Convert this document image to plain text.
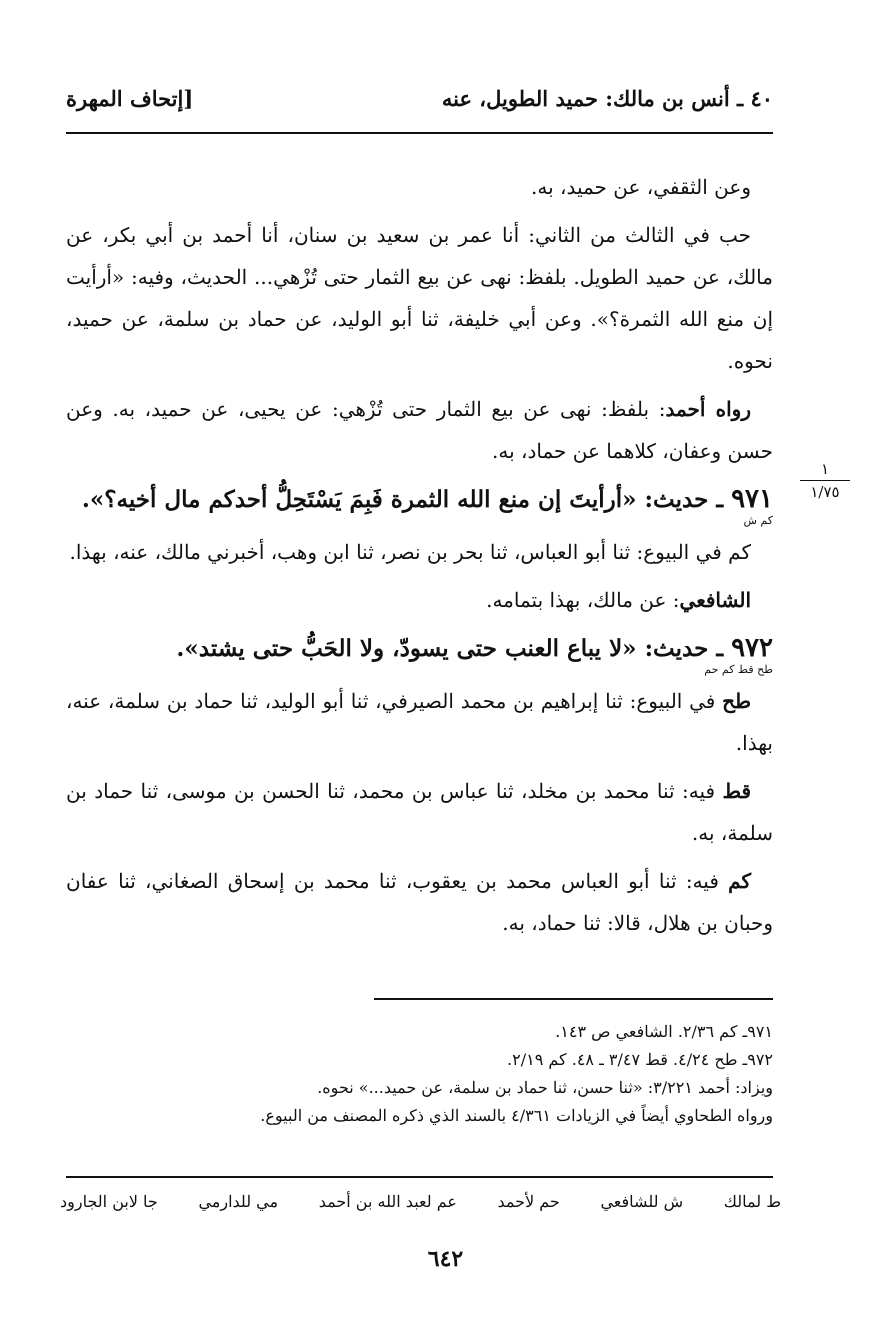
٤٠ ـ أنس بن مالك: حميد الطويل، عنه
[إتحاف المهرة

وعن الثقفي، عن حميد، به.

حب في الثالث من الثاني: أنا عمر بن سعيد بن سنان، أنا أحمد بن أبي بكر، عن مالك، عن حميد الطويل. بلفظ: نهى عن بيع الثمار حتى تُزْهي... الحديث، وفيه: «أرأيت إن منع الله الثمرة؟». وعن أبي خليفة، ثنا أبو الوليد، عن حماد بن سلمة، عن حميد، نحوه.

رواه أحمد: بلفظ: نهى عن بيع الثمار حتى تُزْهي: عن يحيى، عن حميد، به. وعن حسن وعفان، كلاهما عن حماد، به.

٩٧١ ـ حديث: «أرأيتَ إن منع الله الثمرة فَبِمَ يَسْتَحِلُّ أحدكم مال أخيه؟».
كم ش

كم في البيوع: ثنا أبو العباس، ثنا بحر بن نصر، ثنا ابن وهب، أخبرني مالك، عنه، بهذا.

الشافعي: عن مالك، بهذا بتمامه.

٩٧٢ ـ حديث: «لا يباع العنب حتى يسودّ، ولا الحَبُّ حتى يشتد».
طح قط كم حم

طح في البيوع: ثنا إبراهيم بن محمد الصيرفي، ثنا أبو الوليد، ثنا حماد بن سلمة، عنه، بهذا.

قط فيه: ثنا محمد بن مخلد، ثنا عباس بن محمد، ثنا الحسن بن موسى، ثنا حماد بن سلمة، به.

كم فيه: ثنا أبو العباس محمد بن يعقوب، ثنا محمد بن إسحاق الصغاني، ثنا عفان وحبان بن هلال، قالا: ثنا حماد، به.

١
١/٧٥
٩٧١ـ كم ٢/٣٦. الشافعي ص ١٤٣.
٩٧٢ـ طح ٤/٢٤. قط ٣/٤٧ ـ ٤٨. كم ٢/١٩.
ويزاد: أحمد ٣/٢٢١: «ثنا حسن، ثنا حماد بن سلمة، عن حميد...» نحوه.
ورواه الطحاوي أيضاً في الزيادات ٤/٣٦١ بالسند الذي ذكره المصنف من البيوع.
ط لمالك
ش للشافعي
حم لأحمد
عم لعبد الله بن أحمد
مي للدارمي
جا لابن الجارود
٦٤٢
